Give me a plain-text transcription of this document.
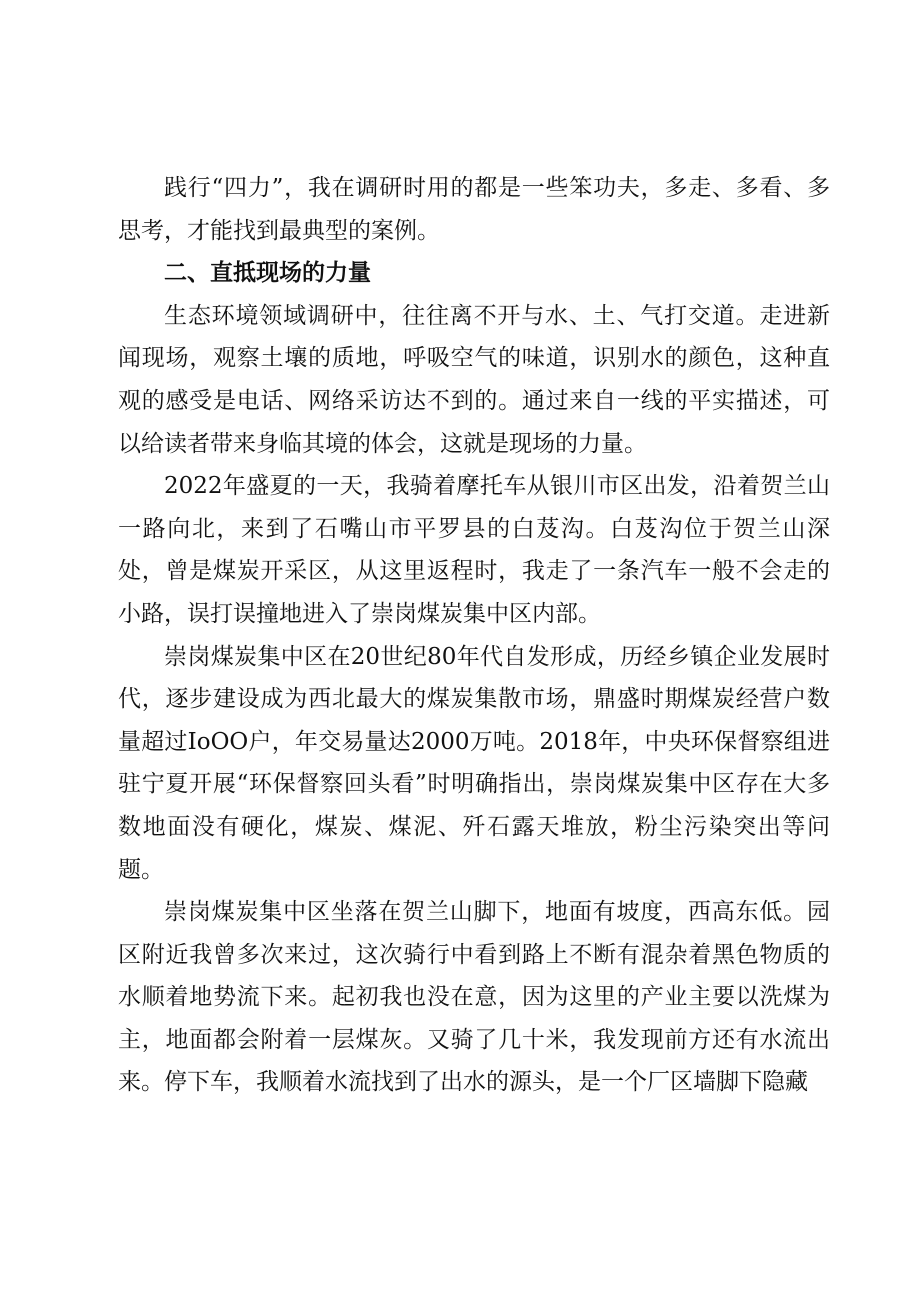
践行“四力”，我在调研时用的都是一些笨功夫，多走、多看、多思考，才能找到最典型的案例。

二、直抵现场的力量

生态环境领域调研中，往往离不开与水、土、气打交道。走进新闻现场，观察土壤的质地，呼吸空气的味道，识别水的颜色，这种直观的感受是电话、网络采访达不到的。通过来自一线的平实描述，可以给读者带来身临其境的体会，这就是现场的力量。

2022年盛夏的一天，我骑着摩托车从银川市区出发，沿着贺兰山一路向北，来到了石嘴山市平罗县的白芨沟。白芨沟位于贺兰山深处，曾是煤炭开采区，从这里返程时，我走了一条汽车一般不会走的小路，误打误撞地进入了崇岗煤炭集中区内部。

崇岗煤炭集中区在20世纪80年代自发形成，历经乡镇企业发展时代，逐步建设成为西北最大的煤炭集散市场，鼎盛时期煤炭经营户数量超过IoOO户，年交易量达2000万吨。2018年，中央环保督察组进驻宁夏开展“环保督察回头看”时明确指出，崇岗煤炭集中区存在大多数地面没有硬化，煤炭、煤泥、歼石露天堆放，粉尘污染突出等问题。

崇岗煤炭集中区坐落在贺兰山脚下，地面有坡度，西高东低。园区附近我曾多次来过，这次骑行中看到路上不断有混杂着黑色物质的水顺着地势流下来。起初我也没在意，因为这里的产业主要以洗煤为主，地面都会附着一层煤灰。又骑了几十米，我发现前方还有水流出来。停下车，我顺着水流找到了出水的源头，是一个厂区墙脚下隐藏
